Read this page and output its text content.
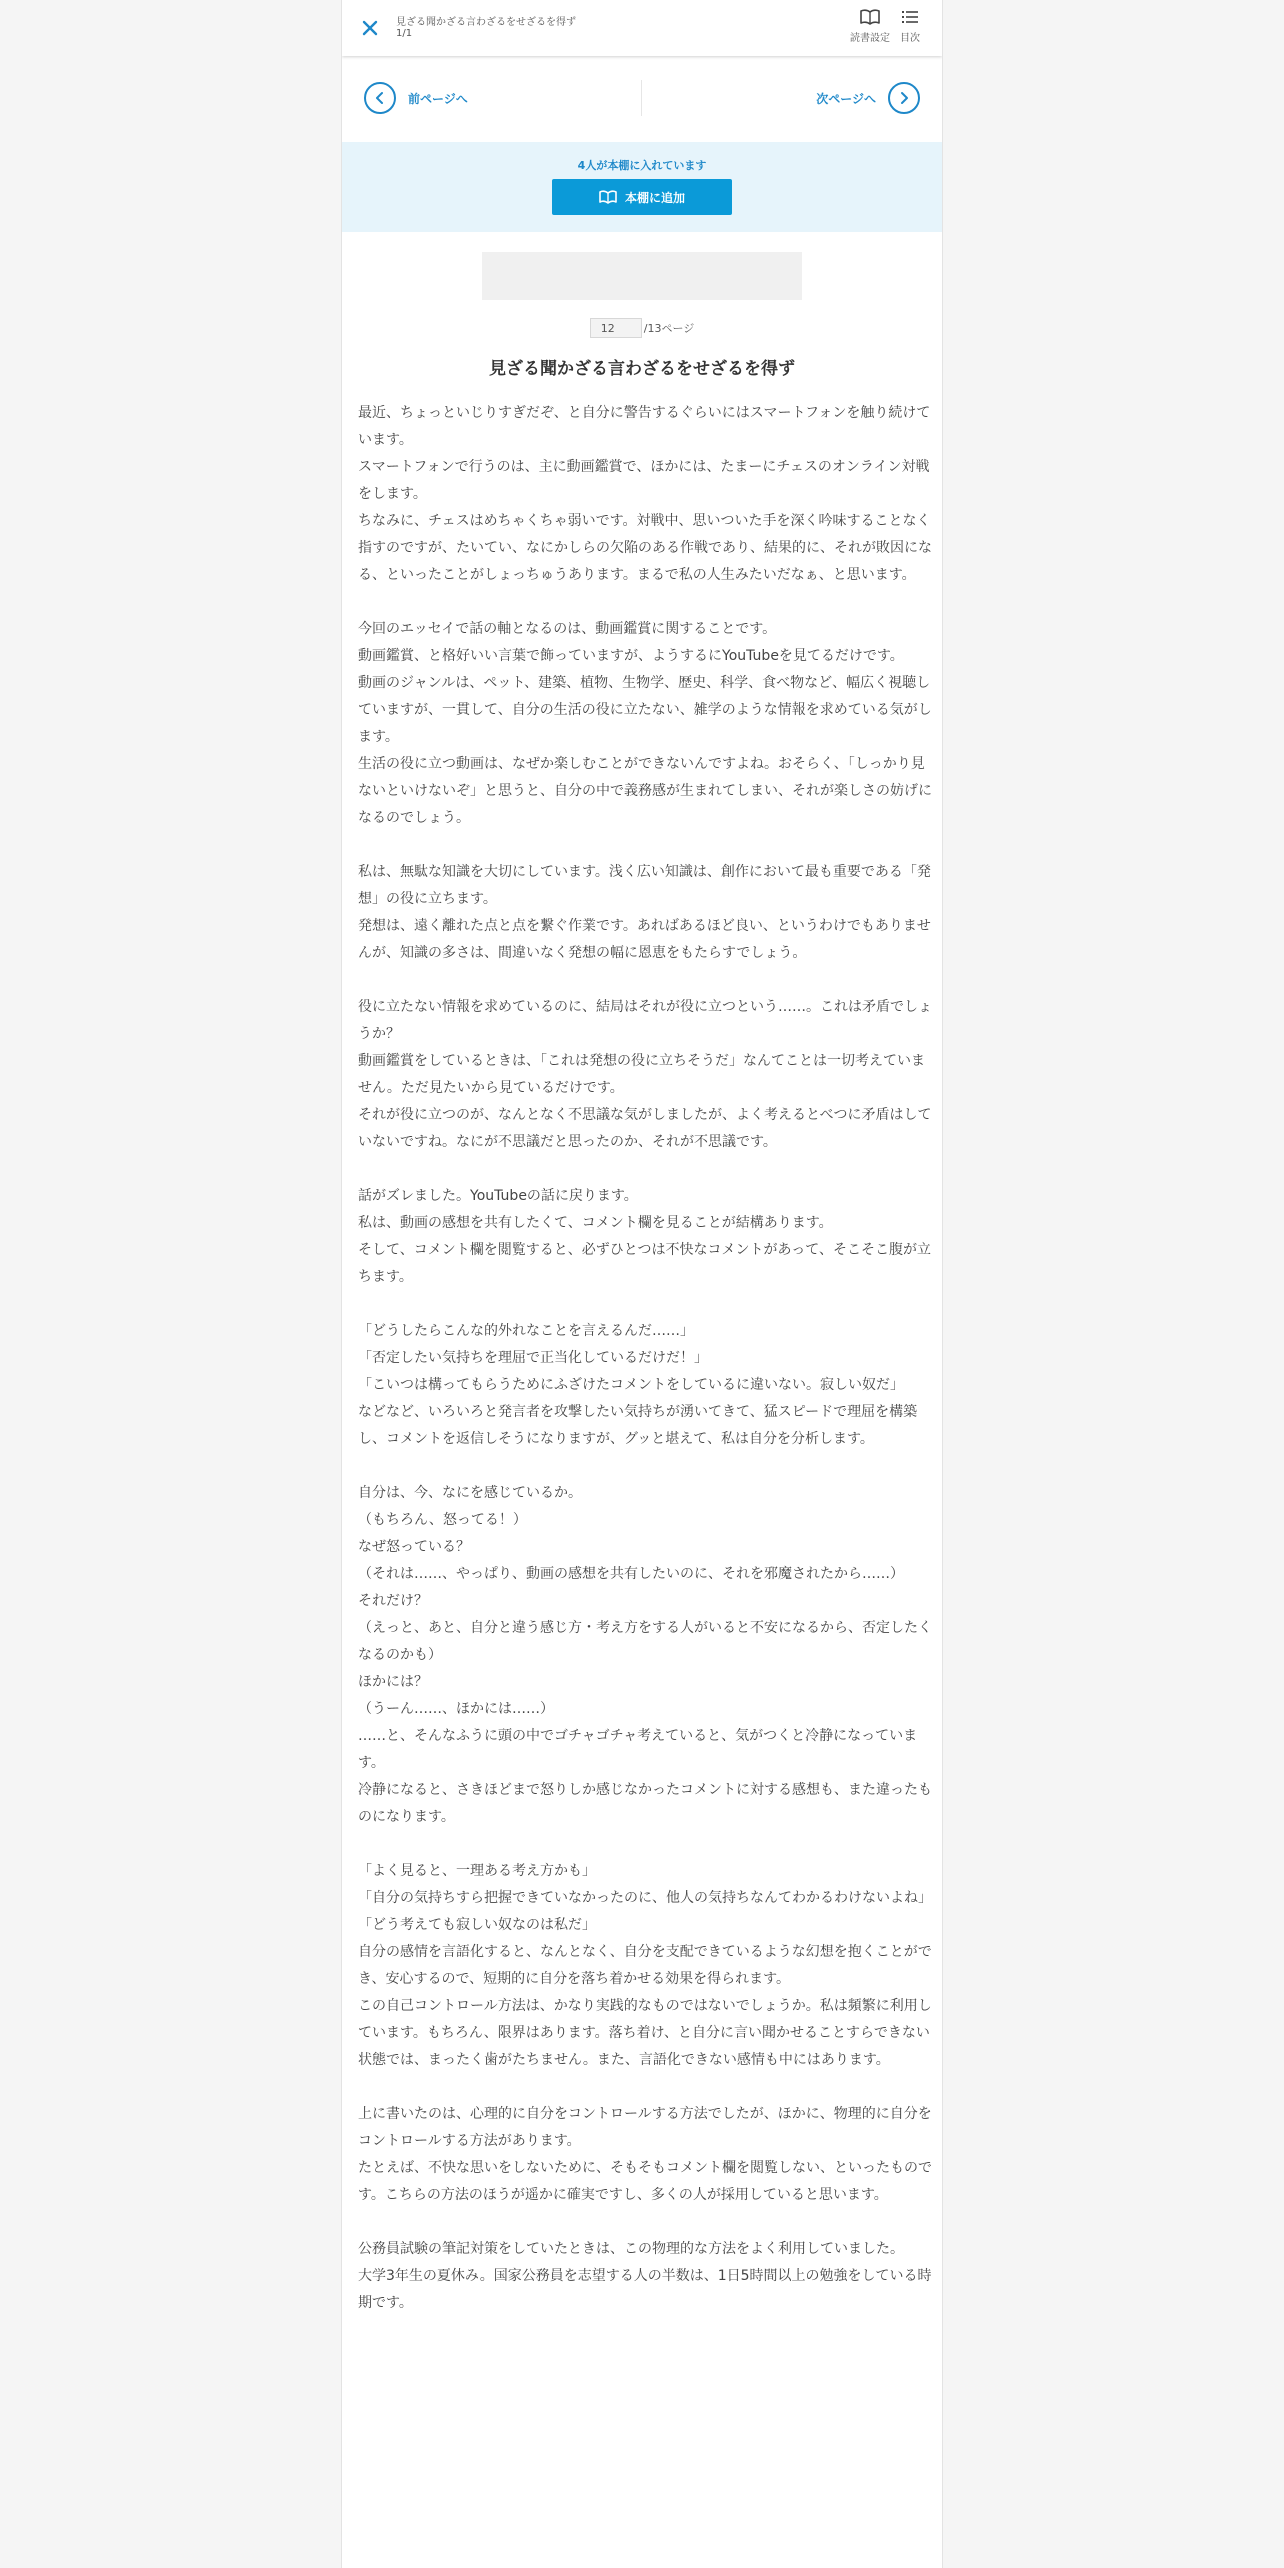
見ざる聞かざる言わざるをせざるを得ず
1/1	読書設定 目次
前ページへ	次ページへ
4人が本棚に入れています
本棚に追加
12	/13ページ
見ざる聞かざる言わざるをせざるを得ず

最近、ちょっといじりすぎだぞ、と自分に警告するぐらいにはスマートフォンを触り続けています。

スマートフォンで行うのは、主に動画鑑賞で、ほかには、たまーにチェスのオンライン対戦をします。

ちなみに、チェスはめちゃくちゃ弱いです。対戦中、思いついた手を深く吟味することなく指すのですが、たいてい、なにかしらの欠陥のある作戦であり、結果的に、それが敗因になる、といったことがしょっちゅうあります。まるで私の人生みたいだなぁ、と思います。

今回のエッセイで話の軸となるのは、動画鑑賞に関することです。

動画鑑賞、と格好いい言葉で飾っていますが、ようするにYouTubeを見てるだけです。

動画のジャンルは、ペット、建築、植物、生物学、歴史、科学、食べ物など、幅広く視聴していますが、一貫して、自分の生活の役に立たない、雑学のような情報を求めている気がします。

生活の役に立つ動画は、なぜか楽しむことができないんですよね。おそらく、「しっかり見ないといけないぞ」と思うと、自分の中で義務感が生まれてしまい、それが楽しさの妨げになるのでしょう。

私は、無駄な知識を大切にしています。浅く広い知識は、創作において最も重要である「発想」の役に立ちます。

発想は、遠く離れた点と点を繋ぐ作業です。あればあるほど良い、というわけでもありませんが、知識の多さは、間違いなく発想の幅に恩恵をもたらすでしょう。

役に立たない情報を求めているのに、結局はそれが役に立つという……。これは矛盾でしょうか？

動画鑑賞をしているときは、「これは発想の役に立ちそうだ」なんてことは一切考えていません。ただ見たいから見ているだけです。

それが役に立つのが、なんとなく不思議な気がしましたが、よく考えるとべつに矛盾はしていないですね。なにが不思議だと思ったのか、それが不思議です。

話がズレました。YouTubeの話に戻ります。

私は、動画の感想を共有したくて、コメント欄を見ることが結構あります。

そして、コメント欄を閲覧すると、必ずひとつは不快なコメントがあって、そこそこ腹が立ちます。

「どうしたらこんな的外れなことを言えるんだ……」

「否定したい気持ちを理屈で正当化しているだけだ！」

「こいつは構ってもらうためにふざけたコメントをしているに違いない。寂しい奴だ」

などなど、いろいろと発言者を攻撃したい気持ちが湧いてきて、猛スピードで理屈を構築し、コメントを返信しそうになりますが、グッと堪えて、私は自分を分析します。

自分は、今、なにを感じているか。

（もちろん、怒ってる！）

なぜ怒っている？

（それは……、やっぱり、動画の感想を共有したいのに、それを邪魔されたから……）

それだけ？

（えっと、あと、自分と違う感じ方・考え方をする人がいると不安になるから、否定したくなるのかも）

ほかには？

（うーん……、ほかには……）

……と、そんなふうに頭の中でゴチャゴチャ考えていると、気がつくと冷静になっています。

冷静になると、さきほどまで怒りしか感じなかったコメントに対する感想も、また違ったものになります。

「よく見ると、一理ある考え方かも」

「自分の気持ちすら把握できていなかったのに、他人の気持ちなんてわかるわけないよね」

「どう考えても寂しい奴なのは私だ」

自分の感情を言語化すると、なんとなく、自分を支配できているような幻想を抱くことができ、安心するので、短期的に自分を落ち着かせる効果を得られます。

この自己コントロール方法は、かなり実践的なものではないでしょうか。私は頻繁に利用しています。もちろん、限界はあります。落ち着け、と自分に言い聞かせることすらできない状態では、まったく歯がたちません。また、言語化できない感情も中にはあります。

上に書いたのは、心理的に自分をコントロールする方法でしたが、ほかに、物理的に自分をコントロールする方法があります。

たとえば、不快な思いをしないために、そもそもコメント欄を閲覧しない、といったものです。こちらの方法のほうが遥かに確実ですし、多くの人が採用していると思います。

公務員試験の筆記対策をしていたときは、この物理的な方法をよく利用していました。

大学3年生の夏休み。国家公務員を志望する人の半数は、1日5時間以上の勉強をしている時期です。
